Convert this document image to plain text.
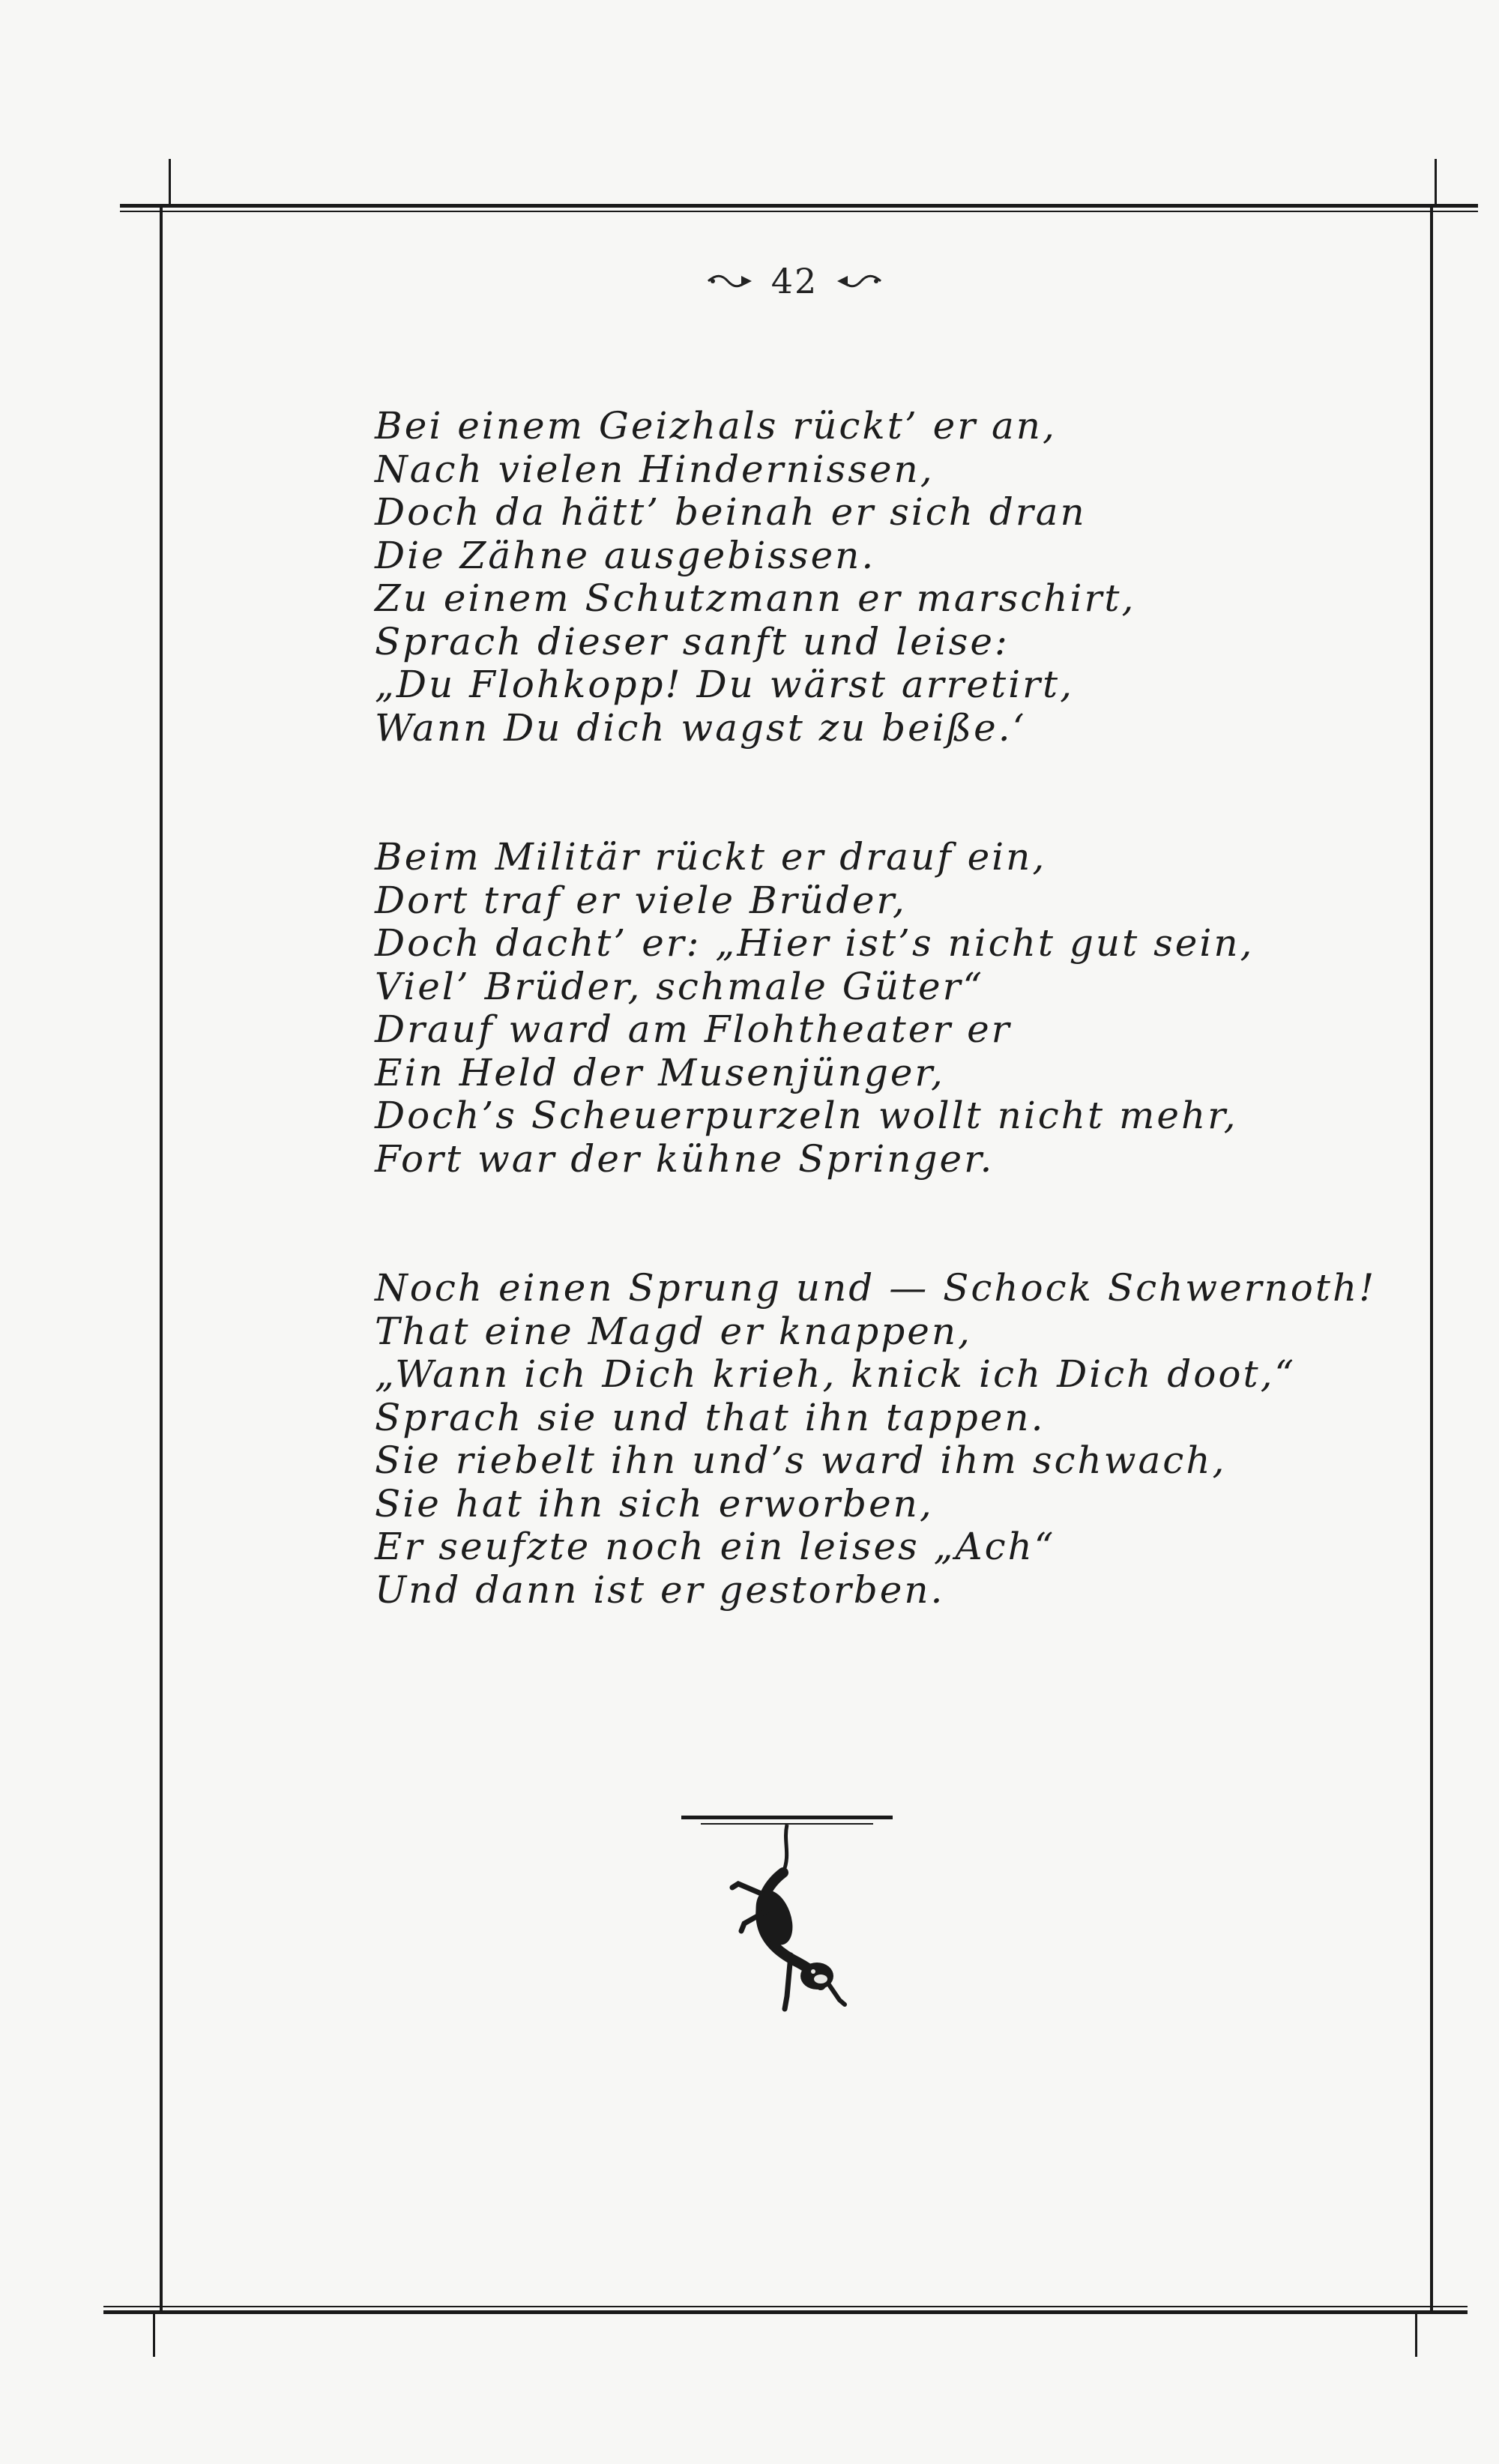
42
Bei einem Geizhals rückt’ er an,
Nach vielen Hindernissen,
Doch da hätt’ beinah er sich dran
Die Zähne ausgebissen.
Zu einem Schutzmann er marschirt,
Sprach dieser sanft und leise:
„Du Flohkopp! Du wärst arretirt,
Wann Du dich wagst zu beiße.‘
Beim Militär rückt er drauf ein,
Dort traf er viele Brüder,
Doch dacht’ er: „Hier ist’s nicht gut sein,
Viel’ Brüder, schmale Güter“
Drauf ward am Flohtheater er
Ein Held der Musenjünger,
Doch’s Scheuerpurzeln wollt nicht mehr,
Fort war der kühne Springer.
Noch einen Sprung und — Schock Schwernoth!
That eine Magd er knappen,
„Wann ich Dich krieh, knick ich Dich doot,“
Sprach sie und that ihn tappen.
Sie riebelt ihn und’s ward ihm schwach,
Sie hat ihn sich erworben,
Er seufzte noch ein leises „Ach“
Und dann ist er gestorben.
